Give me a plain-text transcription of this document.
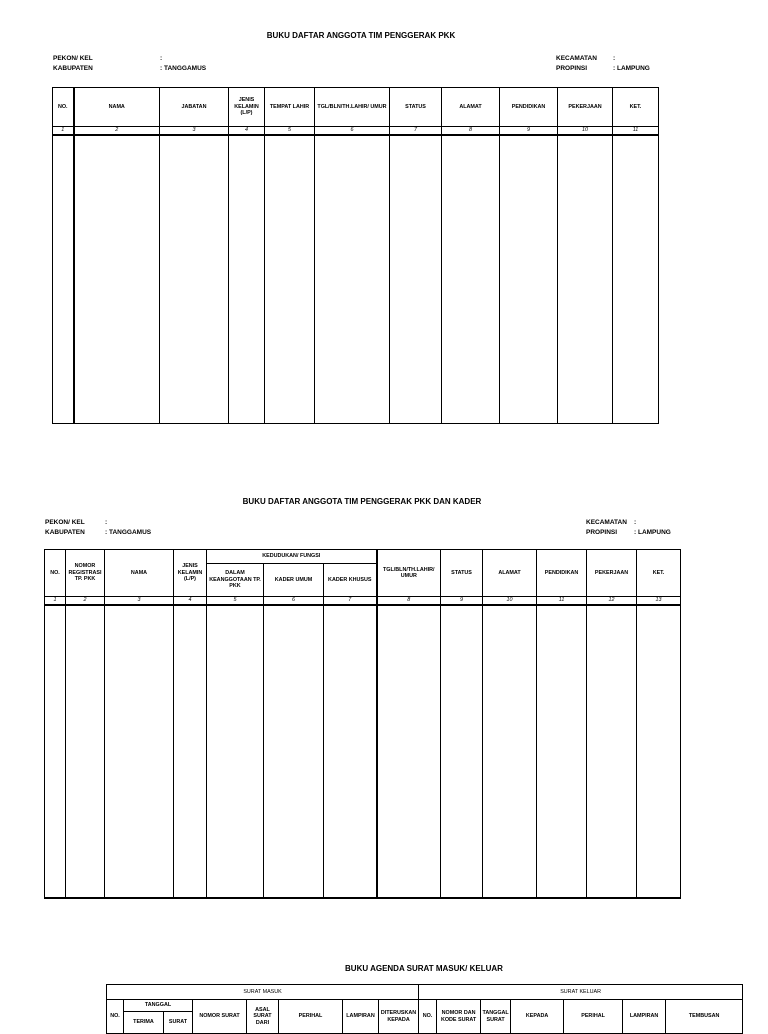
BUKU DAFTAR ANGGOTA TIM PENGGERAK PKK
PEKON/ KEL	:
KABUPATEN	: TANGGAMUS
KECAMATAN :
PROPINSI	: LAMPUNG
NO.	NAMA	JABATAN	JENIS KELAMIN (L/P)	TEMPAT LAHIR	TGL/BLN/TH.LAHIR/ UMUR	STATUS	ALAMAT	PENDIDIKAN	PEKERJAAN	KET.
1	2	3	4	5	6	7	8	9	10	11

BUKU DAFTAR ANGGOTA TIM PENGGERAK PKK DAN KADER
PEKON/ KEL	:
KABUPATEN	: TANGGAMUS
KECAMATAN :
PROPINSI	: LAMPUNG
NO.	NOMOR REGISTRASI TP. PKK	NAMA	JENIS KELAMIN (L/P)	KEDUDUKAN/ FUNGSI			TGL/BLN/TH.LAHIR/ UMUR	STATUS	ALAMAT	PENDIDIKAN	PEKERJAAN	KET.
				DALAM KEANGGOTAAN TP. PKK	KADER UMUM	KADER KHUSUS						
1	2	3	4	5	6	7	8	9	10	11	12	13

BUKU AGENDA SURAT MASUK/ KELUAR
SURAT MASUK								SURAT KELUAR						
NO.	TANGGAL		NOMOR SURAT	ASAL SURAT DARI	PERIHAL	LAMPIRAN	DITERUSKAN KEPADA	NO.	NOMOR DAN KODE SURAT	TANGGAL SURAT	KEPADA	PERIHAL	LAMPIRAN	TEMBUSAN
	TERIMA	SURAT												
